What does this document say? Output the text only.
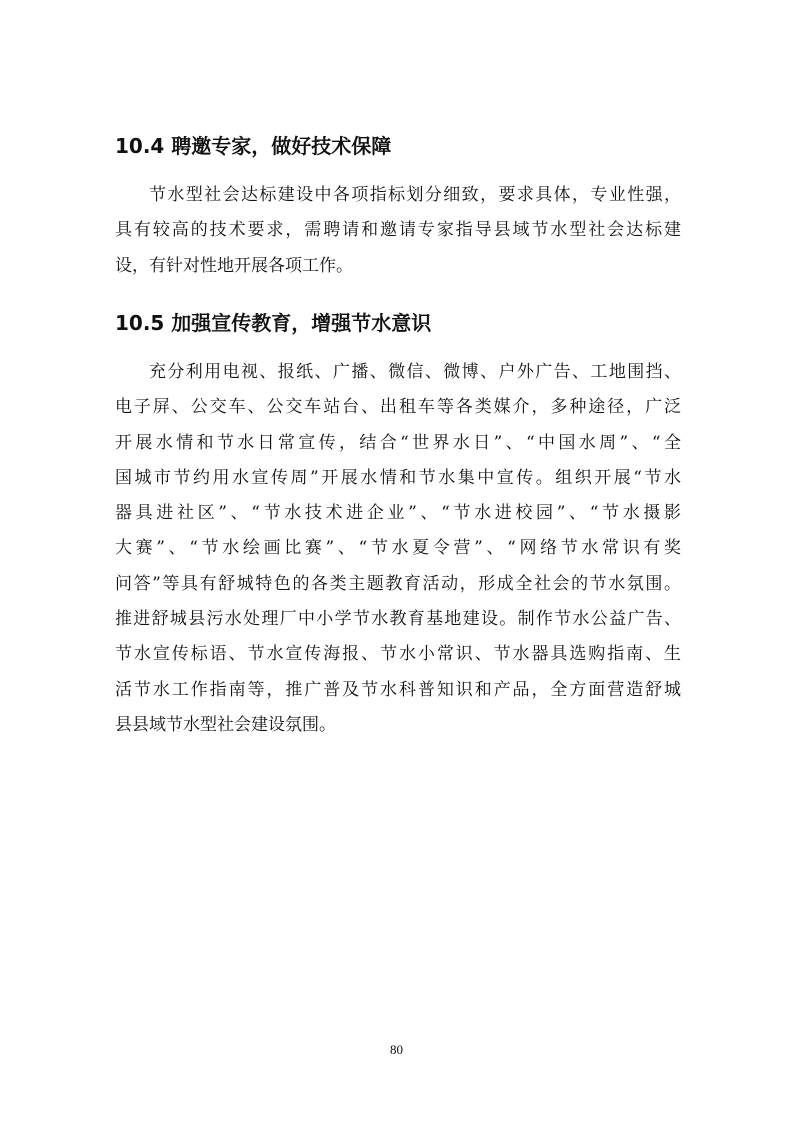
10.4 聘邀专家，做好技术保障
节水型社会达标建设中各项指标划分细致，要求具体，专业性强，
具有较高的技术要求，需聘请和邀请专家指导县域节水型社会达标建
设，有针对性地开展各项工作。
10.5 加强宣传教育，增强节水意识
充分利用电视、报纸、广播、微信、微博、户外广告、工地围挡、
电子屏、公交车、公交车站台、出租车等各类媒介，多种途径，广泛
开展水情和节水日常宣传，结合“世界水日”、“中国水周”、“全
国城市节约用水宣传周”开展水情和节水集中宣传。组织开展“节水
器具进社区”、“节水技术进企业”、“节水进校园”、“节水摄影
大赛”、“节水绘画比赛”、“节水夏令营”、“网络节水常识有奖
问答”等具有舒城特色的各类主题教育活动，形成全社会的节水氛围。
推进舒城县污水处理厂中小学节水教育基地建设。制作节水公益广告、
节水宣传标语、节水宣传海报、节水小常识、节水器具选购指南、生
活节水工作指南等，推广普及节水科普知识和产品，全方面营造舒城
县县域节水型社会建设氛围。
80
